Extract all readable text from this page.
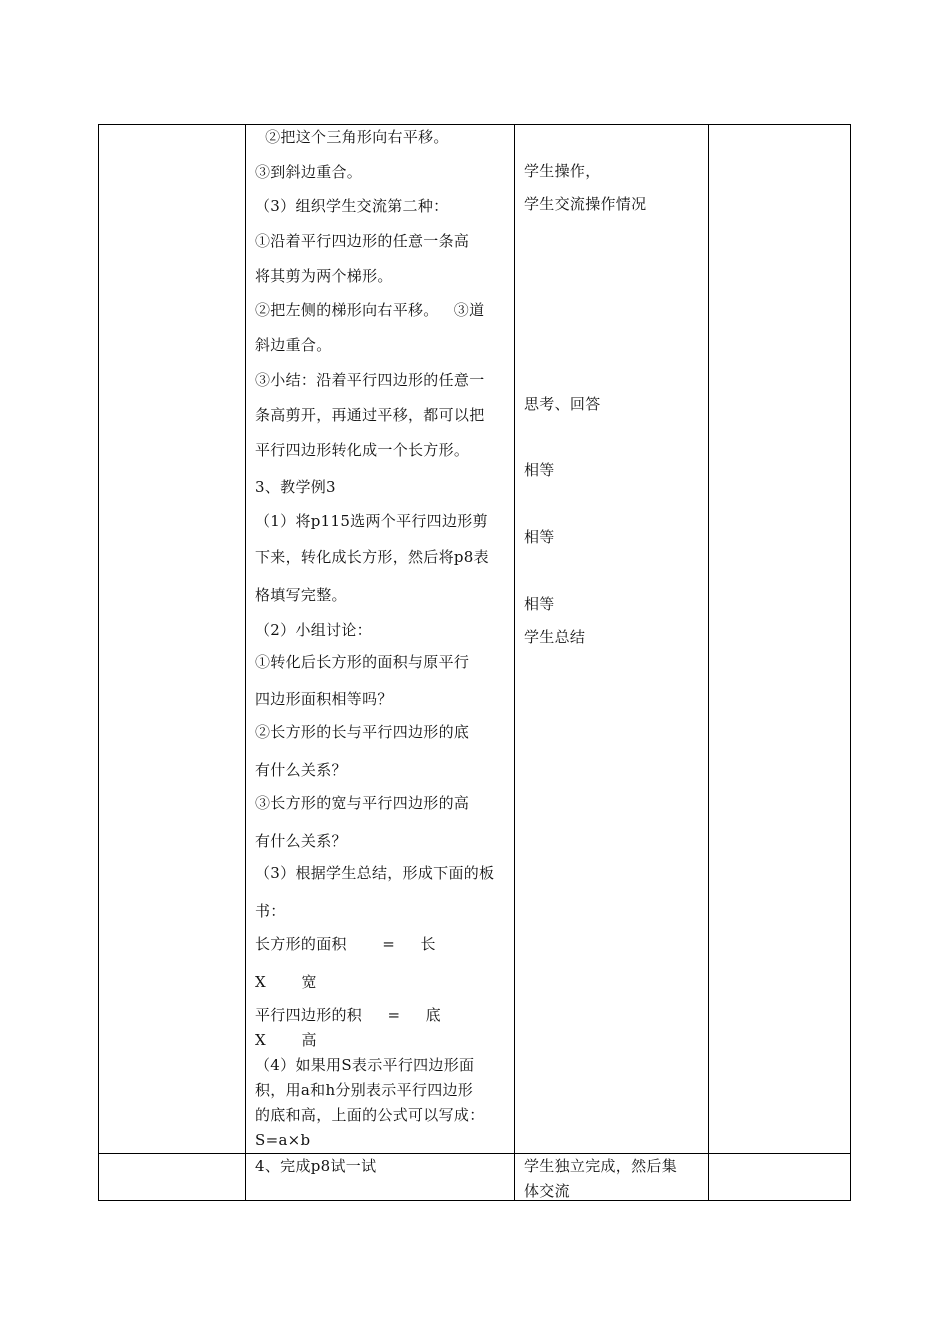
②把这个三角形向右平移。
③到斜边重合。
（3）组织学生交流第二种：
①沿着平行四边形的任意一条高
将其剪为两个梯形。
②把左侧的梯形向右平移。   ③道
斜边重合。
③小结：沿着平行四边形的任意一
条高剪开，再通过平移，都可以把
平行四边形转化成一个长方形。
3、教学例3
（1）将p115选两个平行四边形剪
下来，转化成长方形，然后将p8表
格填写完整。
（2）小组讨论：
①转化后长方形的面积与原平行
四边形面积相等吗？
②长方形的长与平行四边形的底
有什么关系？
③长方形的宽与平行四边形的高
有什么关系？
（3）根据学生总结，形成下面的板
书：
长方形的面积       =     长
X       宽
平行四边形的积     =     底
X       高
（4）如果用S表示平行四边形面
积，用a和h分别表示平行四边形
的底和高，上面的公式可以写成：
S=a×b
学生操作，
学生交流操作情况
思考、回答
相等
相等
相等
学生总结
4、完成p8试一试	学生独立完成，然后集
体交流
